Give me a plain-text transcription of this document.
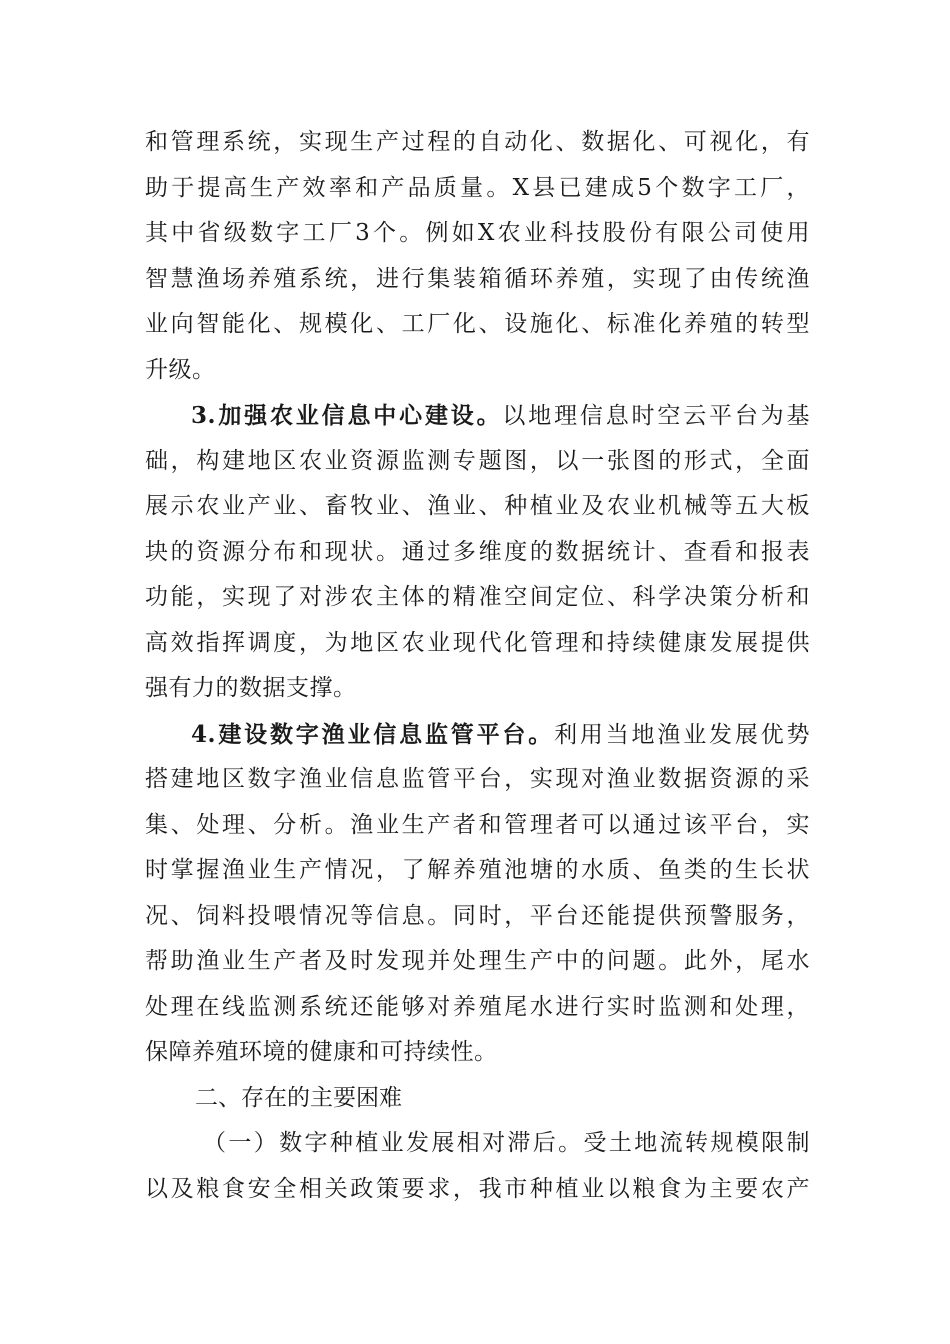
和管理系统，实现生产过程的自动化、数据化、可视化，有
助于提高生产效率和产品质量。X县已建成5个数字工厂，
其中省级数字工厂3个。例如X农业科技股份有限公司使用
智慧渔场养殖系统，进行集装箱循环养殖，实现了由传统渔
业向智能化、规模化、工厂化、设施化、标准化养殖的转型
升级。
3.加强农业信息中心建设。以地理信息时空云平台为基
础，构建地区农业资源监测专题图，以一张图的形式，全面
展示农业产业、畜牧业、渔业、种植业及农业机械等五大板
块的资源分布和现状。通过多维度的数据统计、查看和报表
功能，实现了对涉农主体的精准空间定位、科学决策分析和
高效指挥调度，为地区农业现代化管理和持续健康发展提供
强有力的数据支撑。
4.建设数字渔业信息监管平台。利用当地渔业发展优势
搭建地区数字渔业信息监管平台，实现对渔业数据资源的采
集、处理、分析。渔业生产者和管理者可以通过该平台，实
时掌握渔业生产情况，了解养殖池塘的水质、鱼类的生长状
况、饲料投喂情况等信息。同时，平台还能提供预警服务，
帮助渔业生产者及时发现并处理生产中的问题。此外，尾水
处理在线监测系统还能够对养殖尾水进行实时监测和处理，
保障养殖环境的健康和可持续性。
二、存在的主要困难
（一）数字种植业发展相对滞后。受土地流转规模限制
以及粮食安全相关政策要求，我市种植业以粮食为主要农产
